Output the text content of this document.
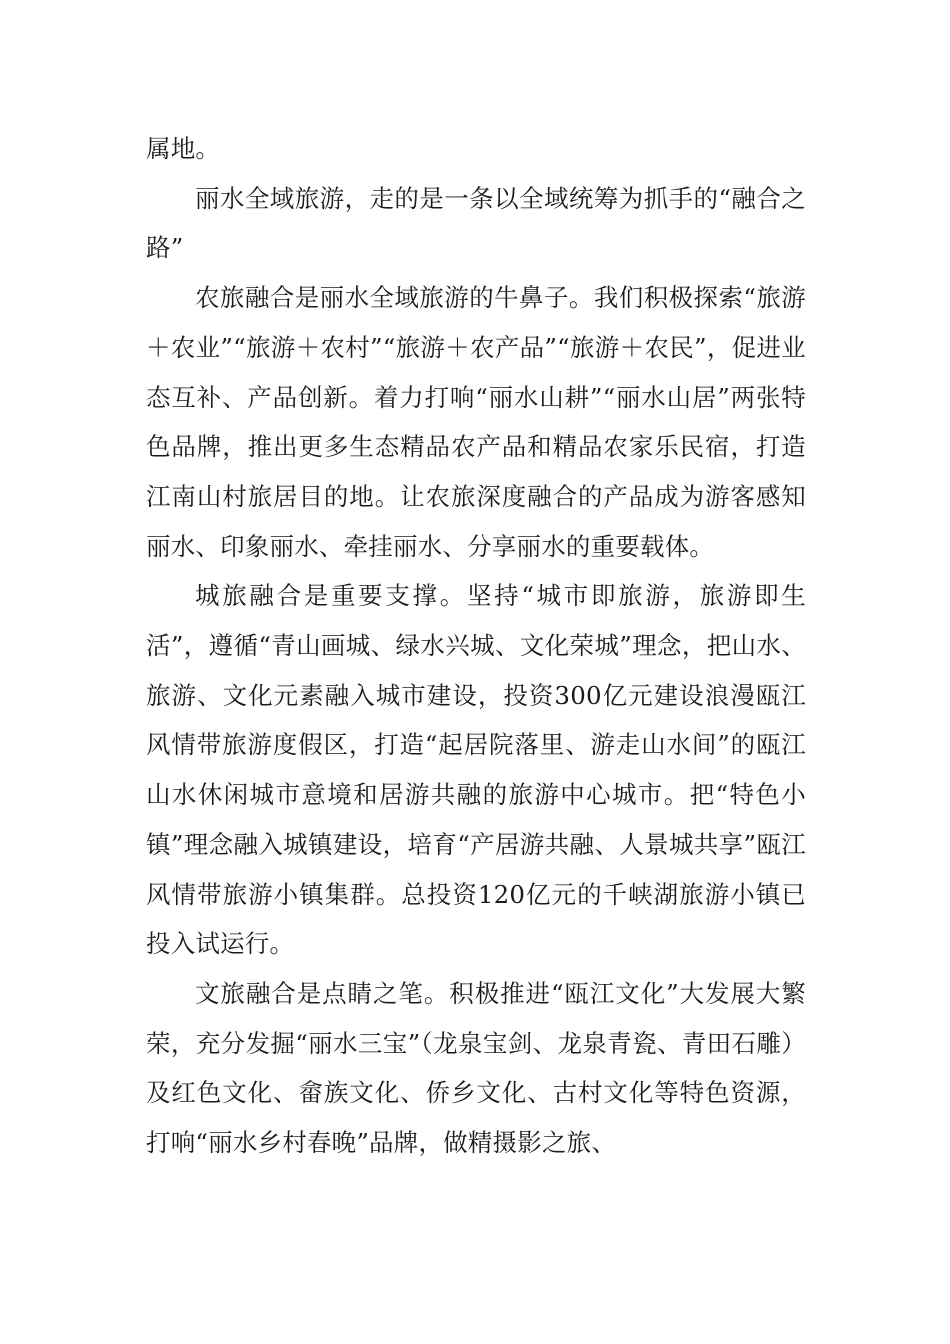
属地。

丽水全域旅游，走的是一条以全域统筹为抓手的“融合之路”

农旅融合是丽水全域旅游的牛鼻子。我们积极探索“旅游＋农业”“旅游＋农村”“旅游＋农产品”“旅游＋农民”，促进业态互补、产品创新。着力打响“丽水山耕”“丽水山居”两张特色品牌，推出更多生态精品农产品和精品农家乐民宿，打造江南山村旅居目的地。让农旅深度融合的产品成为游客感知丽水、印象丽水、牵挂丽水、分享丽水的重要载体。

城旅融合是重要支撑。坚持“城市即旅游，旅游即生活”，遵循“青山画城、绿水兴城、文化荣城”理念，把山水、旅游、文化元素融入城市建设，投资300亿元建设浪漫瓯江风情带旅游度假区，打造“起居院落里、游走山水间”的瓯江山水休闲城市意境和居游共融的旅游中心城市。把“特色小镇”理念融入城镇建设，培育“产居游共融、人景城共享”瓯江风情带旅游小镇集群。总投资120亿元的千峡湖旅游小镇已投入试运行。

文旅融合是点睛之笔。积极推进“瓯江文化”大发展大繁荣，充分发掘“丽水三宝”（龙泉宝剑、龙泉青瓷、青田石雕）及红色文化、畲族文化、侨乡文化、古村文化等特色资源，打响“丽水乡村春晚”品牌，做精摄影之旅、
